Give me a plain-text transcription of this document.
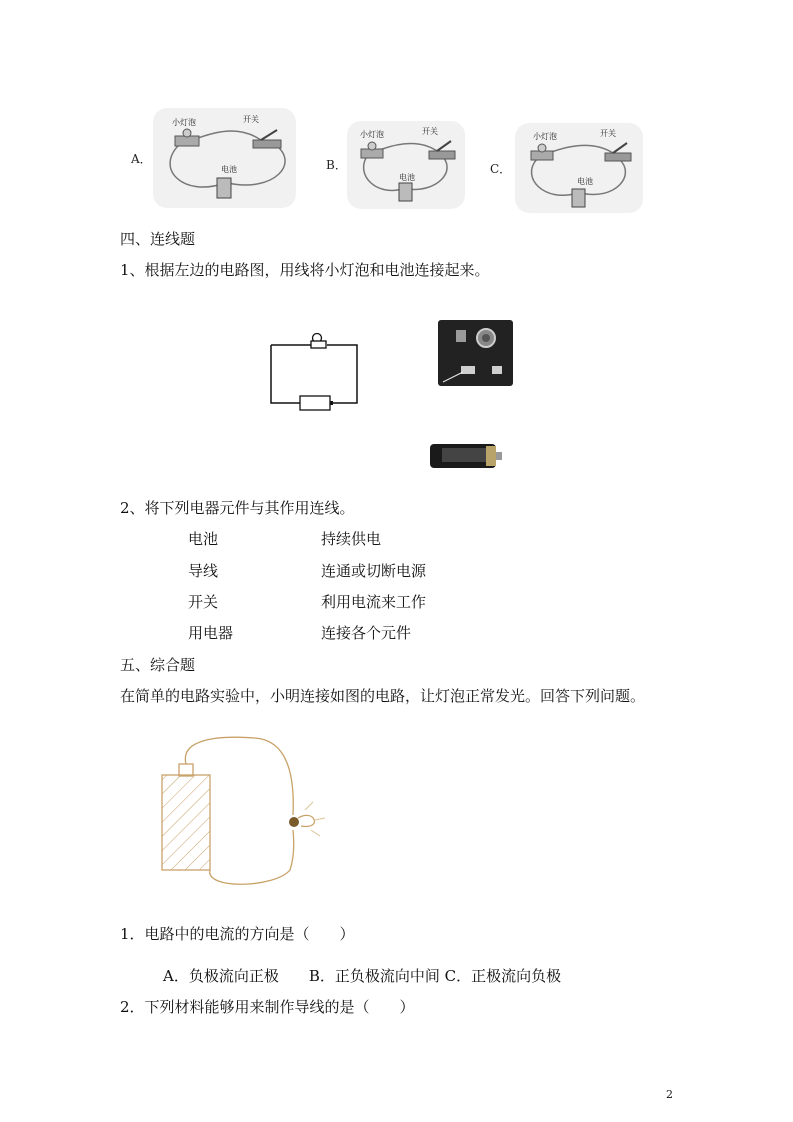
小灯泡	开关
电池
A．
小灯泡	开关
电池
B．
小灯泡	开关
电池
C．
四、连线题
1、根据左边的电路图，用线将小灯泡和电池连接起来。
2、将下列电器元件与其作用连线。
电池	持续供电
导线	连通或切断电源
开关	利用电流来工作
用电器	连接各个元件
五、综合题
在简单的电路实验中，小明连接如图的电路，让灯泡正常发光。回答下列问题。
1．电路中的电流的方向是（　　）
A．负极流向正极　　B．正负极流向中间 C．正极流向负极
2．下列材料能够用来制作导线的是（　　）
2
